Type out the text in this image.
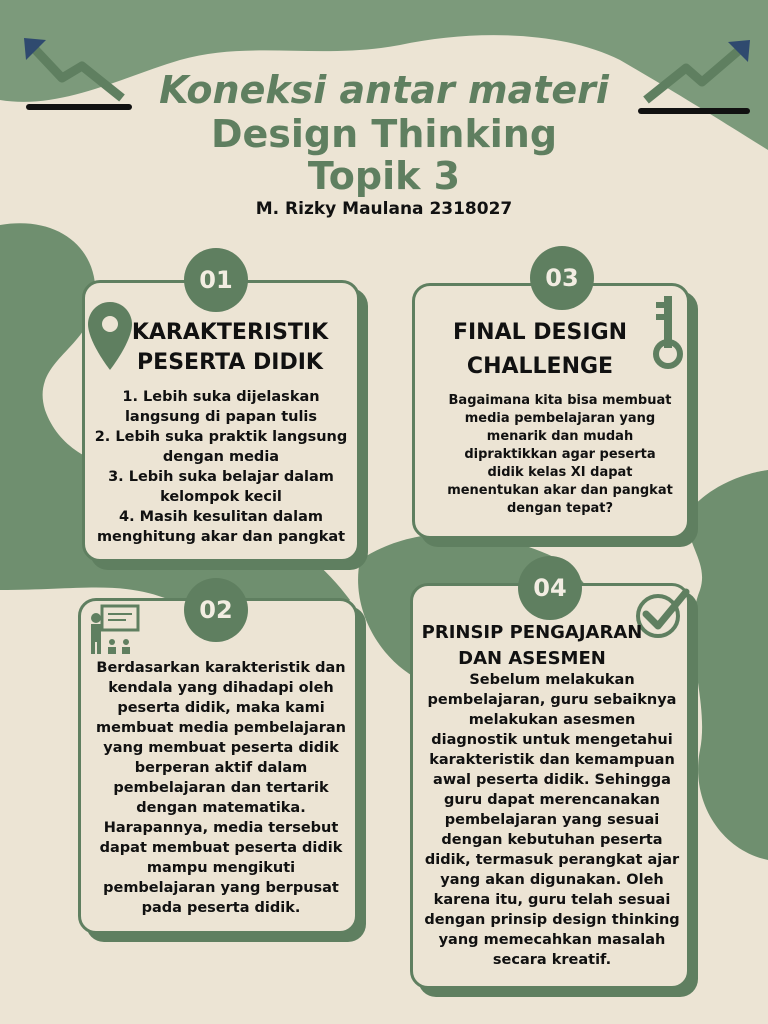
Koneksi antar materi
Design Thinking
Topik 3
M. Rizky Maulana 2318027
01
KARAKTERISTIK
PESERTA DIDIK
1. Lebih suka dijelaskan
langsung di papan tulis
2. Lebih suka praktik langsung
dengan media
3. Lebih suka belajar dalam
kelompok kecil
4. Masih kesulitan dalam
menghitung akar dan pangkat
03
FINAL DESIGN
CHALLENGE
Bagaimana kita bisa membuat
media pembelajaran yang
menarik dan mudah
dipraktikkan agar peserta
didik kelas XI dapat
menentukan akar dan pangkat
dengan tepat?
02
Berdasarkan karakteristik dan
kendala yang dihadapi oleh
peserta didik, maka kami
membuat media pembelajaran
yang membuat peserta didik
berperan aktif dalam
pembelajaran dan tertarik
dengan matematika.
Harapannya, media tersebut
dapat membuat peserta didik
mampu mengikuti
pembelajaran yang berpusat
pada peserta didik.
04
PRINSIP PENGAJARAN
DAN ASESMEN
Sebelum melakukan
pembelajaran, guru sebaiknya
melakukan asesmen
diagnostik untuk mengetahui
karakteristik dan kemampuan
awal peserta didik. Sehingga
guru dapat merencanakan
pembelajaran yang sesuai
dengan kebutuhan peserta
didik, termasuk perangkat ajar
yang akan digunakan. Oleh
karena itu, guru telah sesuai
dengan prinsip design thinking
yang memecahkan masalah
secara kreatif.
